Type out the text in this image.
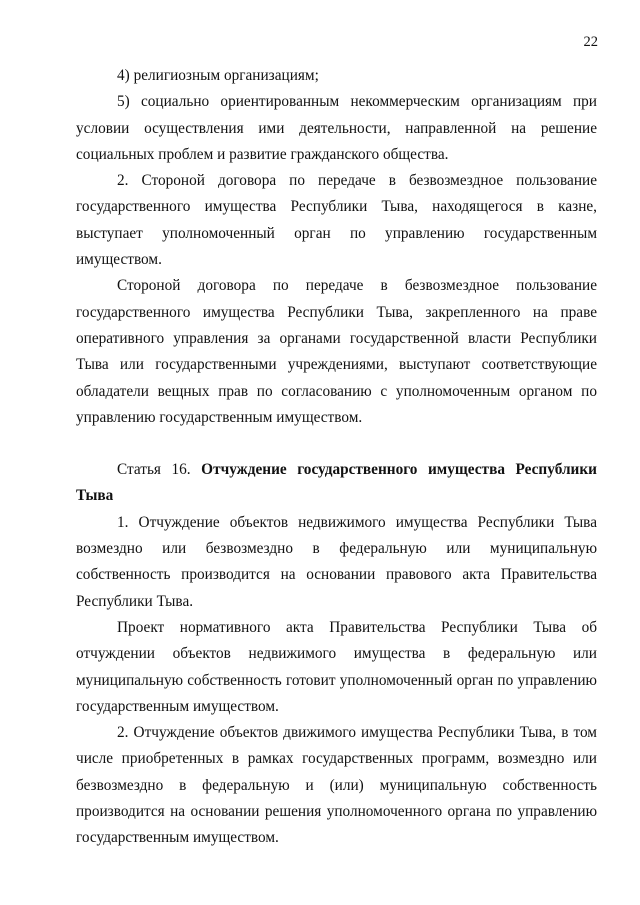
22

4) религиозным организациям;

5) социально ориентированным некоммерческим организациям при условии осуществления ими деятельности, направленной на решение социальных проблем и развитие гражданского общества.

2. Стороной договора по передаче в безвозмездное пользование государственного имущества Республики Тыва, находящегося в казне, выступает уполномоченный орган по управлению государственным имуществом.

Стороной договора по передаче в безвозмездное пользование государственного имущества Республики Тыва, закрепленного на праве оперативного управления за органами государственной власти Республики Тыва или государственными учреждениями, выступают соответствующие обладатели вещных прав по согласованию с уполномоченным органом по управлению государственным имуществом.

Статья 16. Отчуждение государственного имущества Республики Тыва

1. Отчуждение объектов недвижимого имущества Республики Тыва возмездно или безвозмездно в федеральную или муниципальную собственность производится на основании правового акта Правительства Республики Тыва.

Проект нормативного акта Правительства Республики Тыва об отчуждении объектов недвижимого имущества в федеральную или муниципальную собственность готовит уполномоченный орган по управлению государственным имуществом.

2. Отчуждение объектов движимого имущества Республики Тыва, в том числе приобретенных в рамках государственных программ, возмездно или безвозмездно в федеральную и (или) муниципальную собственность производится на основании решения уполномоченного органа по управлению государственным имуществом.
